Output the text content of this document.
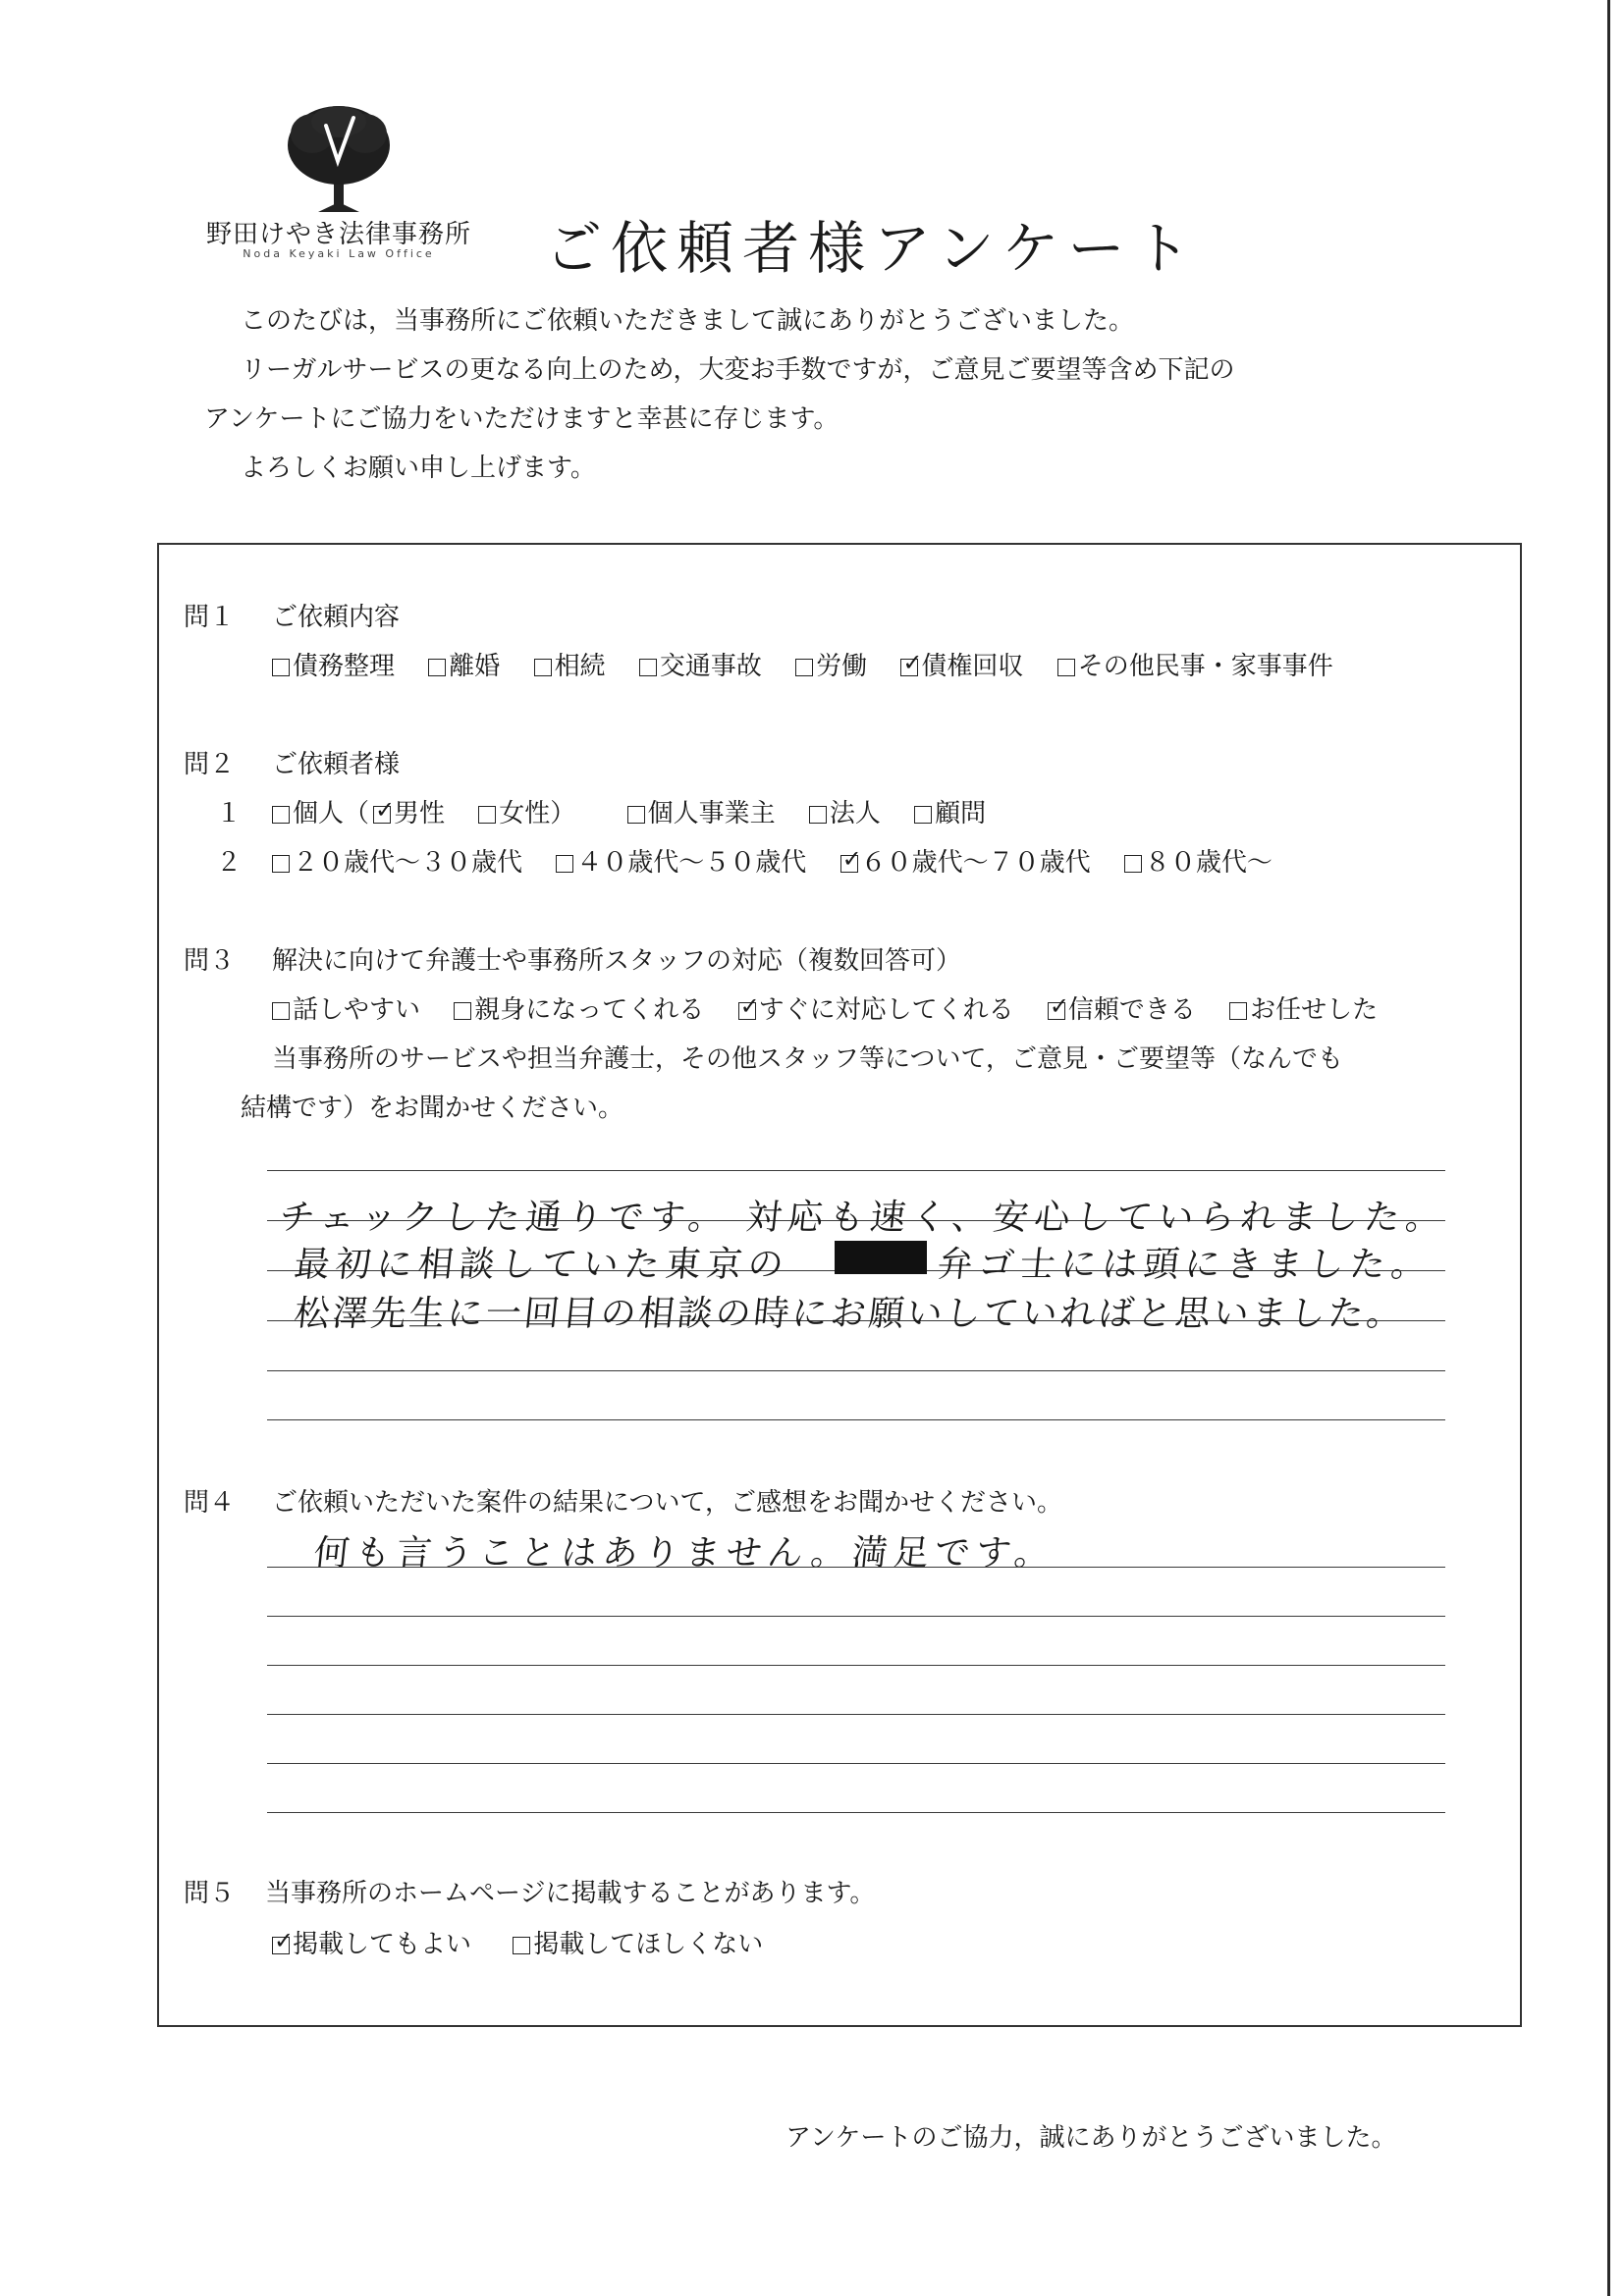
野田けやき法律事務所
Noda Keyaki Law Office	ご依頼者様アンケート

このたびは，当事務所にご依頼いただきまして誠にありがとうございました。

リーガルサービスの更なる向上のため，大変お手数ですが，ご意見ご要望等含め下記の

アンケートにご協力をいただけますと幸甚に存じます。

よろしくお願い申し上げます。

問１ ご依頼内容
債務整理 離婚 相続 交通事故 労働 ✓ 債権回収 その他民事・家事事件
問２ ご依頼者様
１	個人（ ✓ 男性 女性）	個人事業主 法人 顧問
２	２０歳代～３０歳代 ４０歳代～５０歳代 ✓ ６０歳代～７０歳代 ８０歳代～
問３ 解決に向けて弁護士や事務所スタッフの対応（複数回答可）
話しやすい 親身になってくれる ✓ すぐに対応してくれる ✓ 信頼できる お任せした
当事務所のサービスや担当弁護士，その他スタッフ等について，ご意見・ご要望等（なんでも
結構です）をお聞かせください。
チェックした通りです。 対応も速く、安心していられました。
最初に相談していた東京の	弁ゴ士には頭にきました。
松澤先生に一回目の相談の時にお願いしていればと思いました。
問４ ご依頼いただいた案件の結果について，ご感想をお聞かせください。
何も言うことはありません。満足です。
問５ 当事務所のホームページに掲載することがあります。
✓掲載してもよい 掲載してほしくない
アンケートのご協力，誠にありがとうございました。
